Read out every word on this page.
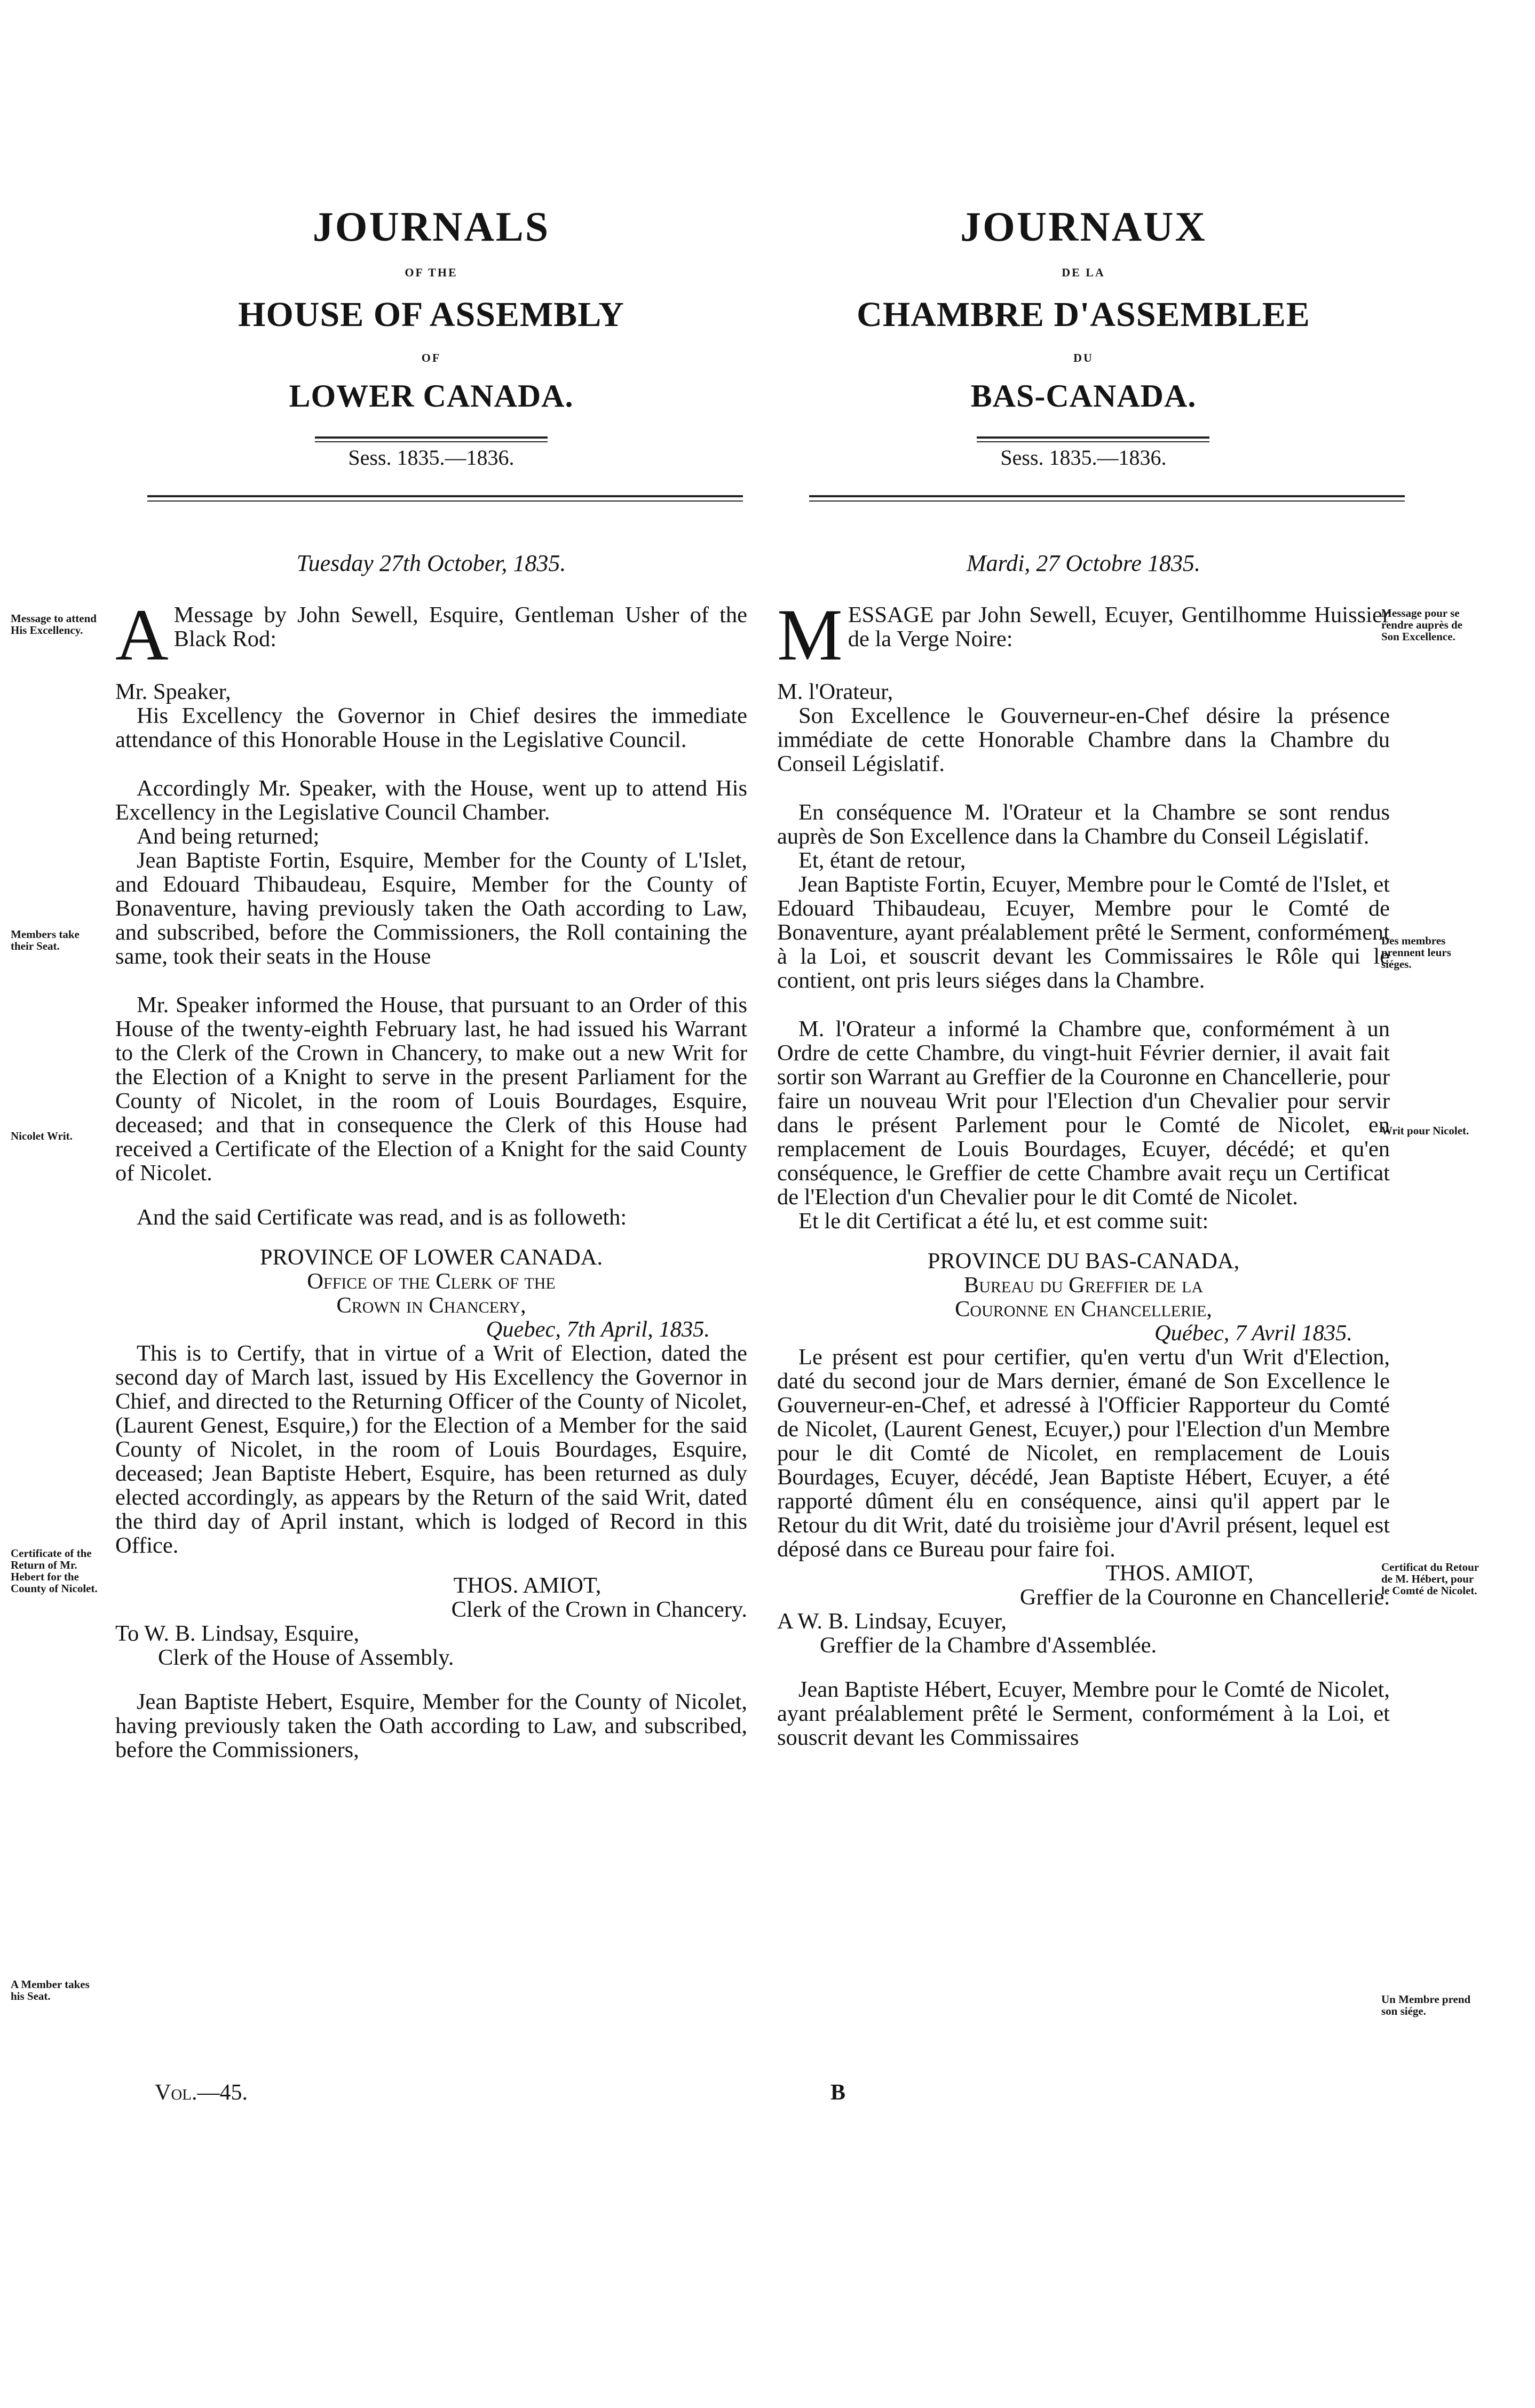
JOURNALS
OF THE
HOUSE OF ASSEMBLY
OF
LOWER CANADA.
Sess. 1835.—1836.
Tuesday 27th October, 1835.

A Message by John Sewell, Esquire, Gentleman Usher of the Black Rod:

Mr. Speaker,

His Excellency the Governor in Chief desires the immediate attendance of this Honorable House in the Legislative Council.

Accordingly Mr. Speaker, with the House, went up to attend His Excellency in the Legislative Council Chamber.

And being returned;

Jean Baptiste Fortin, Esquire, Member for the County of L'Islet, and Edouard Thibaudeau, Esquire, Member for the County of Bonaventure, having previously taken the Oath according to Law, and subscribed, before the Commissioners, the Roll containing the same, took their seats in the House

Mr. Speaker informed the House, that pursuant to an Order of this House of the twenty-eighth February last, he had issued his Warrant to the Clerk of the Crown in Chancery, to make out a new Writ for the Election of a Knight to serve in the present Parliament for the County of Nicolet, in the room of Louis Bourdages, Esquire, deceased; and that in consequence the Clerk of this House had received a Certificate of the Election of a Knight for the said County of Nicolet.

And the said Certificate was read, and is as followeth:

PROVINCE OF LOWER CANADA.

Office of the Clerk of the

Crown in Chancery,

Quebec, 7th April, 1835.

This is to Certify, that in virtue of a Writ of Election, dated the second day of March last, issued by His Excellency the Governor in Chief, and directed to the Returning Officer of the County of Nicolet, (Laurent Genest, Esquire,) for the Election of a Member for the said County of Nicolet, in the room of Louis Bourdages, Esquire, deceased; Jean Baptiste Hebert, Esquire, has been returned as duly elected accordingly, as appears by the Return of the said Writ, dated the third day of April instant, which is lodged of Record in this Office.

THOS. AMIOT,

Clerk of the Crown in Chancery.

To W. B. Lindsay, Esquire,

Clerk of the House of Assembly.

Jean Baptiste Hebert, Esquire, Member for the County of Nicolet, having previously taken the Oath according to Law, and subscribed, before the Commissioners,

JOURNAUX
DE LA
CHAMBRE D'ASSEMBLEE
DU
BAS-CANADA.
Sess. 1835.—1836.
Mardi, 27 Octobre 1835.

MESSAGE par John Sewell, Ecuyer, Gentilhomme Huissier de la Verge Noire:

M. l'Orateur,

Son Excellence le Gouverneur-en-Chef désire la présence immédiate de cette Honorable Chambre dans la Chambre du Conseil Législatif.

En conséquence M. l'Orateur et la Chambre se sont rendus auprès de Son Excellence dans la Chambre du Conseil Législatif.

Et, étant de retour,

Jean Baptiste Fortin, Ecuyer, Membre pour le Comté de l'Islet, et Edouard Thibaudeau, Ecuyer, Membre pour le Comté de Bonaventure, ayant préalablement prêté le Serment, conformément à la Loi, et souscrit devant les Commissaires le Rôle qui le contient, ont pris leurs siéges dans la Chambre.

M. l'Orateur a informé la Chambre que, conformément à un Ordre de cette Chambre, du vingt-huit Février dernier, il avait fait sortir son Warrant au Greffier de la Couronne en Chancellerie, pour faire un nouveau Writ pour l'Election d'un Chevalier pour servir dans le présent Parlement pour le Comté de Nicolet, en remplacement de Louis Bourdages, Ecuyer, décédé; et qu'en conséquence, le Greffier de cette Chambre avait reçu un Certificat de l'Election d'un Chevalier pour le dit Comté de Nicolet.

Et le dit Certificat a été lu, et est comme suit:

PROVINCE DU BAS-CANADA,

Bureau du Greffier de la

Couronne en Chancellerie,

Québec, 7 Avril 1835.

Le présent est pour certifier, qu'en vertu d'un Writ d'Election, daté du second jour de Mars dernier, émané de Son Excellence le Gouverneur-en-Chef, et adressé à l'Officier Rapporteur du Comté de Nicolet, (Laurent Genest, Ecuyer,) pour l'Election d'un Membre pour le dit Comté de Nicolet, en remplacement de Louis Bourdages, Ecuyer, décédé, Jean Baptiste Hébert, Ecuyer, a été rapporté dûment élu en conséquence, ainsi qu'il appert par le Retour du dit Writ, daté du troisième jour d'Avril présent, lequel est déposé dans ce Bureau pour faire foi.

THOS. AMIOT,

Greffier de la Couronne en Chancellerie.

A W. B. Lindsay, Ecuyer,

Greffier de la Chambre d'Assemblée.

Jean Baptiste Hébert, Ecuyer, Membre pour le Comté de Nicolet, ayant préalablement prêté le Serment, conformément à la Loi, et souscrit devant les Commissaires

Message to attend His Excellency.
Members take their Seat.
Nicolet Writ.
Certificate of the Return of Mr. Hebert for the County of Nicolet.
A Member takes his Seat.
Message pour se rendre auprès de Son Excellence.
Des membres prennent leurs siéges.
Writ pour Nicolet.
Certificat du Retour de M. Hébert, pour le Comté de Nicolet.
Un Membre prend son siége.
Vol.—45.	B
